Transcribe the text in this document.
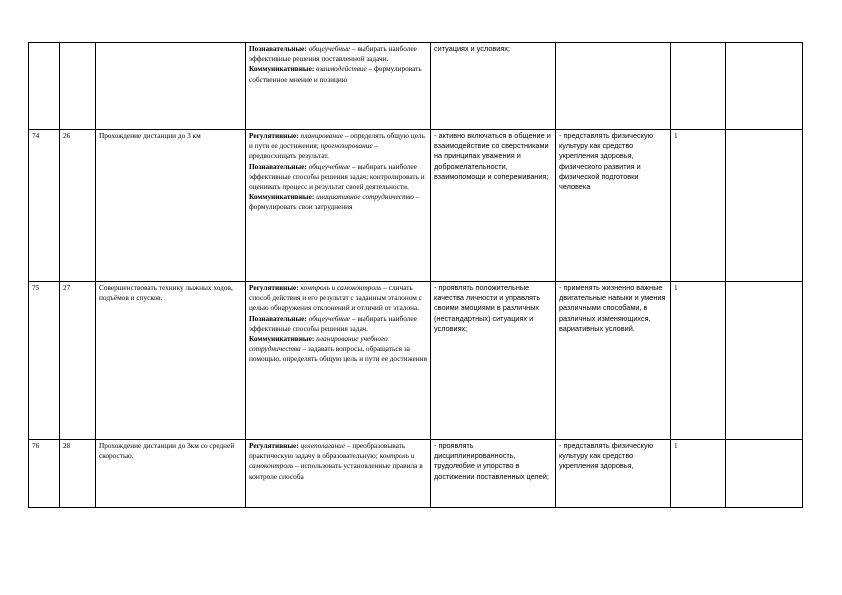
			Познавательные: общеучебные – выбирать наиболее эффективные решения поставленной задачи.

Коммуникативные: взаимодействие – формулировать собственное мнение и позицию	ситуациях и условиях;			
74	26	Прохождение дистанции до 3 км	Регулятивные: планирование – определять общую цель и пути ее достижения; прогнозирование – предвосхищать результат.

Познавательные: общеучебные – выбирать наиболее эффективные способы решения задач; контролировать и оценивать процесс и результат своей деятельности.

Коммуникативные: инициативное сотрудничество – формулировать свои затруднения	- активно включаться в общение и взаимодействие со сверстниками на принципах уважения и доброжелательности, взаимопомощи и сопереживания;	- представлять физическую культуру как средство укрепления здоровья, физического развития и физической подготовки человека	1	
75	27	Совершенствовать технику лыжных ходов, подъёмов и спусков.	Регулятивные: контроль и самоконтроль – сличать способ действия и его результат с заданным эталоном с целью обнаружения отклонений и отличий от эталона.

Познавательные: общеучебные – выбирать наиболее эффективные способы решения задач. Коммуникативные: планирование учебного сотрудничества – задавать вопросы, обращаться за помощью, определять общую цель и пути ее достижения	- проявлять положительные качества личности и управлять своими эмоциями в различных (нестандартных) ситуациях и условиях;	- применять жизненно важные двигательные навыки и умения различными способами, в различных изменяющихся, вариативных условий.	1	
76	28	Прохождение дистанции до 3км со средней скоростью.	Регулятивные: целеполагание – преобразовывать практическую задачу в образовательную; контроль и самоконтроль – использовать установленные правила в контроле способа	- проявлять дисциплинированность, трудолюбие и упорство в достижении поставленных целей;	- представлять физическую культуру как средство укрепления здоровья,	1	
